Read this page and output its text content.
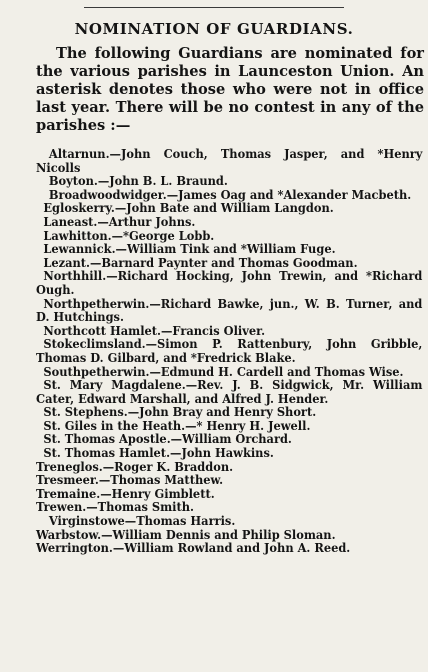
NOMINATION OF GUARDIANS.
The following Guardians are nominated for the various parishes in Launceston Union. An asterisk denotes those who were not in office last year. There will be no contest in any of the parishes :—
Altarnun.—John Couch, Thomas Jasper, and *Henry Nicolls
Boyton.—John B. L. Braund.
Broadwoodwidger.—James Oag and *Alexander Macbeth.
Egloskerry.—John Bate and William Langdon.
Laneast.—Arthur Johns.
Lawhitton.—*George Lobb.
Lewannick.—William Tink and *William Fuge.
Lezant.—Barnard Paynter and Thomas Goodman.
Northhill.—Richard Hocking, John Trewin, and *Richard Ough.
Northpetherwin.—Richard Bawke, jun., W. B. Turner, and D. Hutchings.
Northcott Hamlet.—Francis Oliver.
Stokeclimsland.—Simon P. Rattenbury, John Gribble, Thomas D. Gilbard, and *Fredrick Blake.
Southpetherwin.—Edmund H. Cardell and Thomas Wise.
St. Mary Magdalene.—Rev. J. B. Sidgwick, Mr. William Cater, Edward Marshall, and Alfred J. Hender.
St. Stephens.—John Bray and Henry Short.
St. Giles in the Heath.—* Henry H. Jewell.
St. Thomas Apostle.—William Orchard.
St. Thomas Hamlet.—John Hawkins.
Treneglos.—Roger K. Braddon.
Tresmeer.—Thomas Matthew.
Tremaine.—Henry Gimblett.
Trewen.—Thomas Smith.
Virginstowe—Thomas Harris.
Warbstow.—William Dennis and Philip Sloman.
Werrington.—William Rowland and John A. Reed.
